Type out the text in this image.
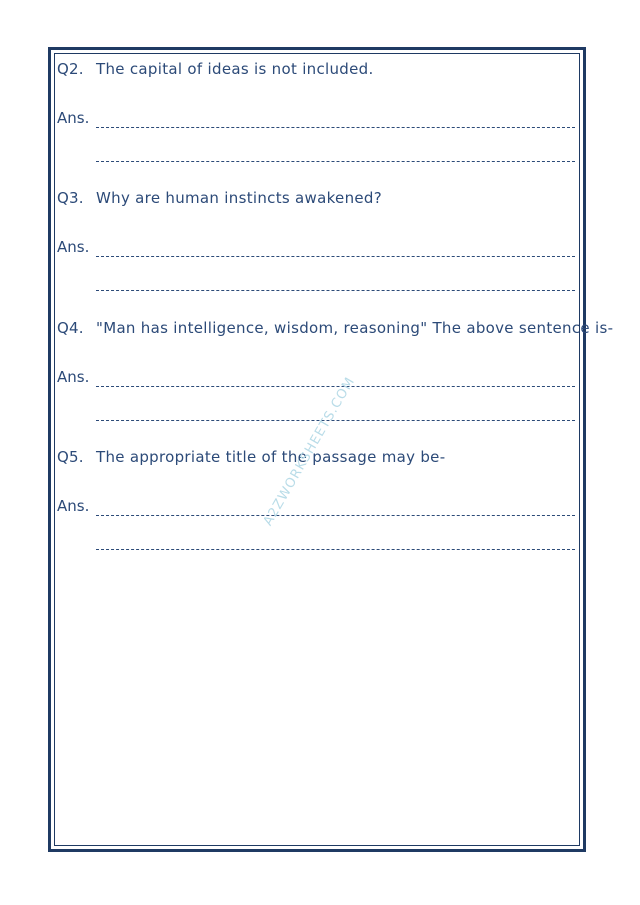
Q2. The capital of ideas is not included.
Ans.
Q3. Why are human instincts awakened?
Ans.
Q4. "Man has intelligence, wisdom, reasoning" The above sentence is-
Ans.
Q5. The appropriate title of the passage may be-
Ans.	A2ZWORKSHEETS.COM
